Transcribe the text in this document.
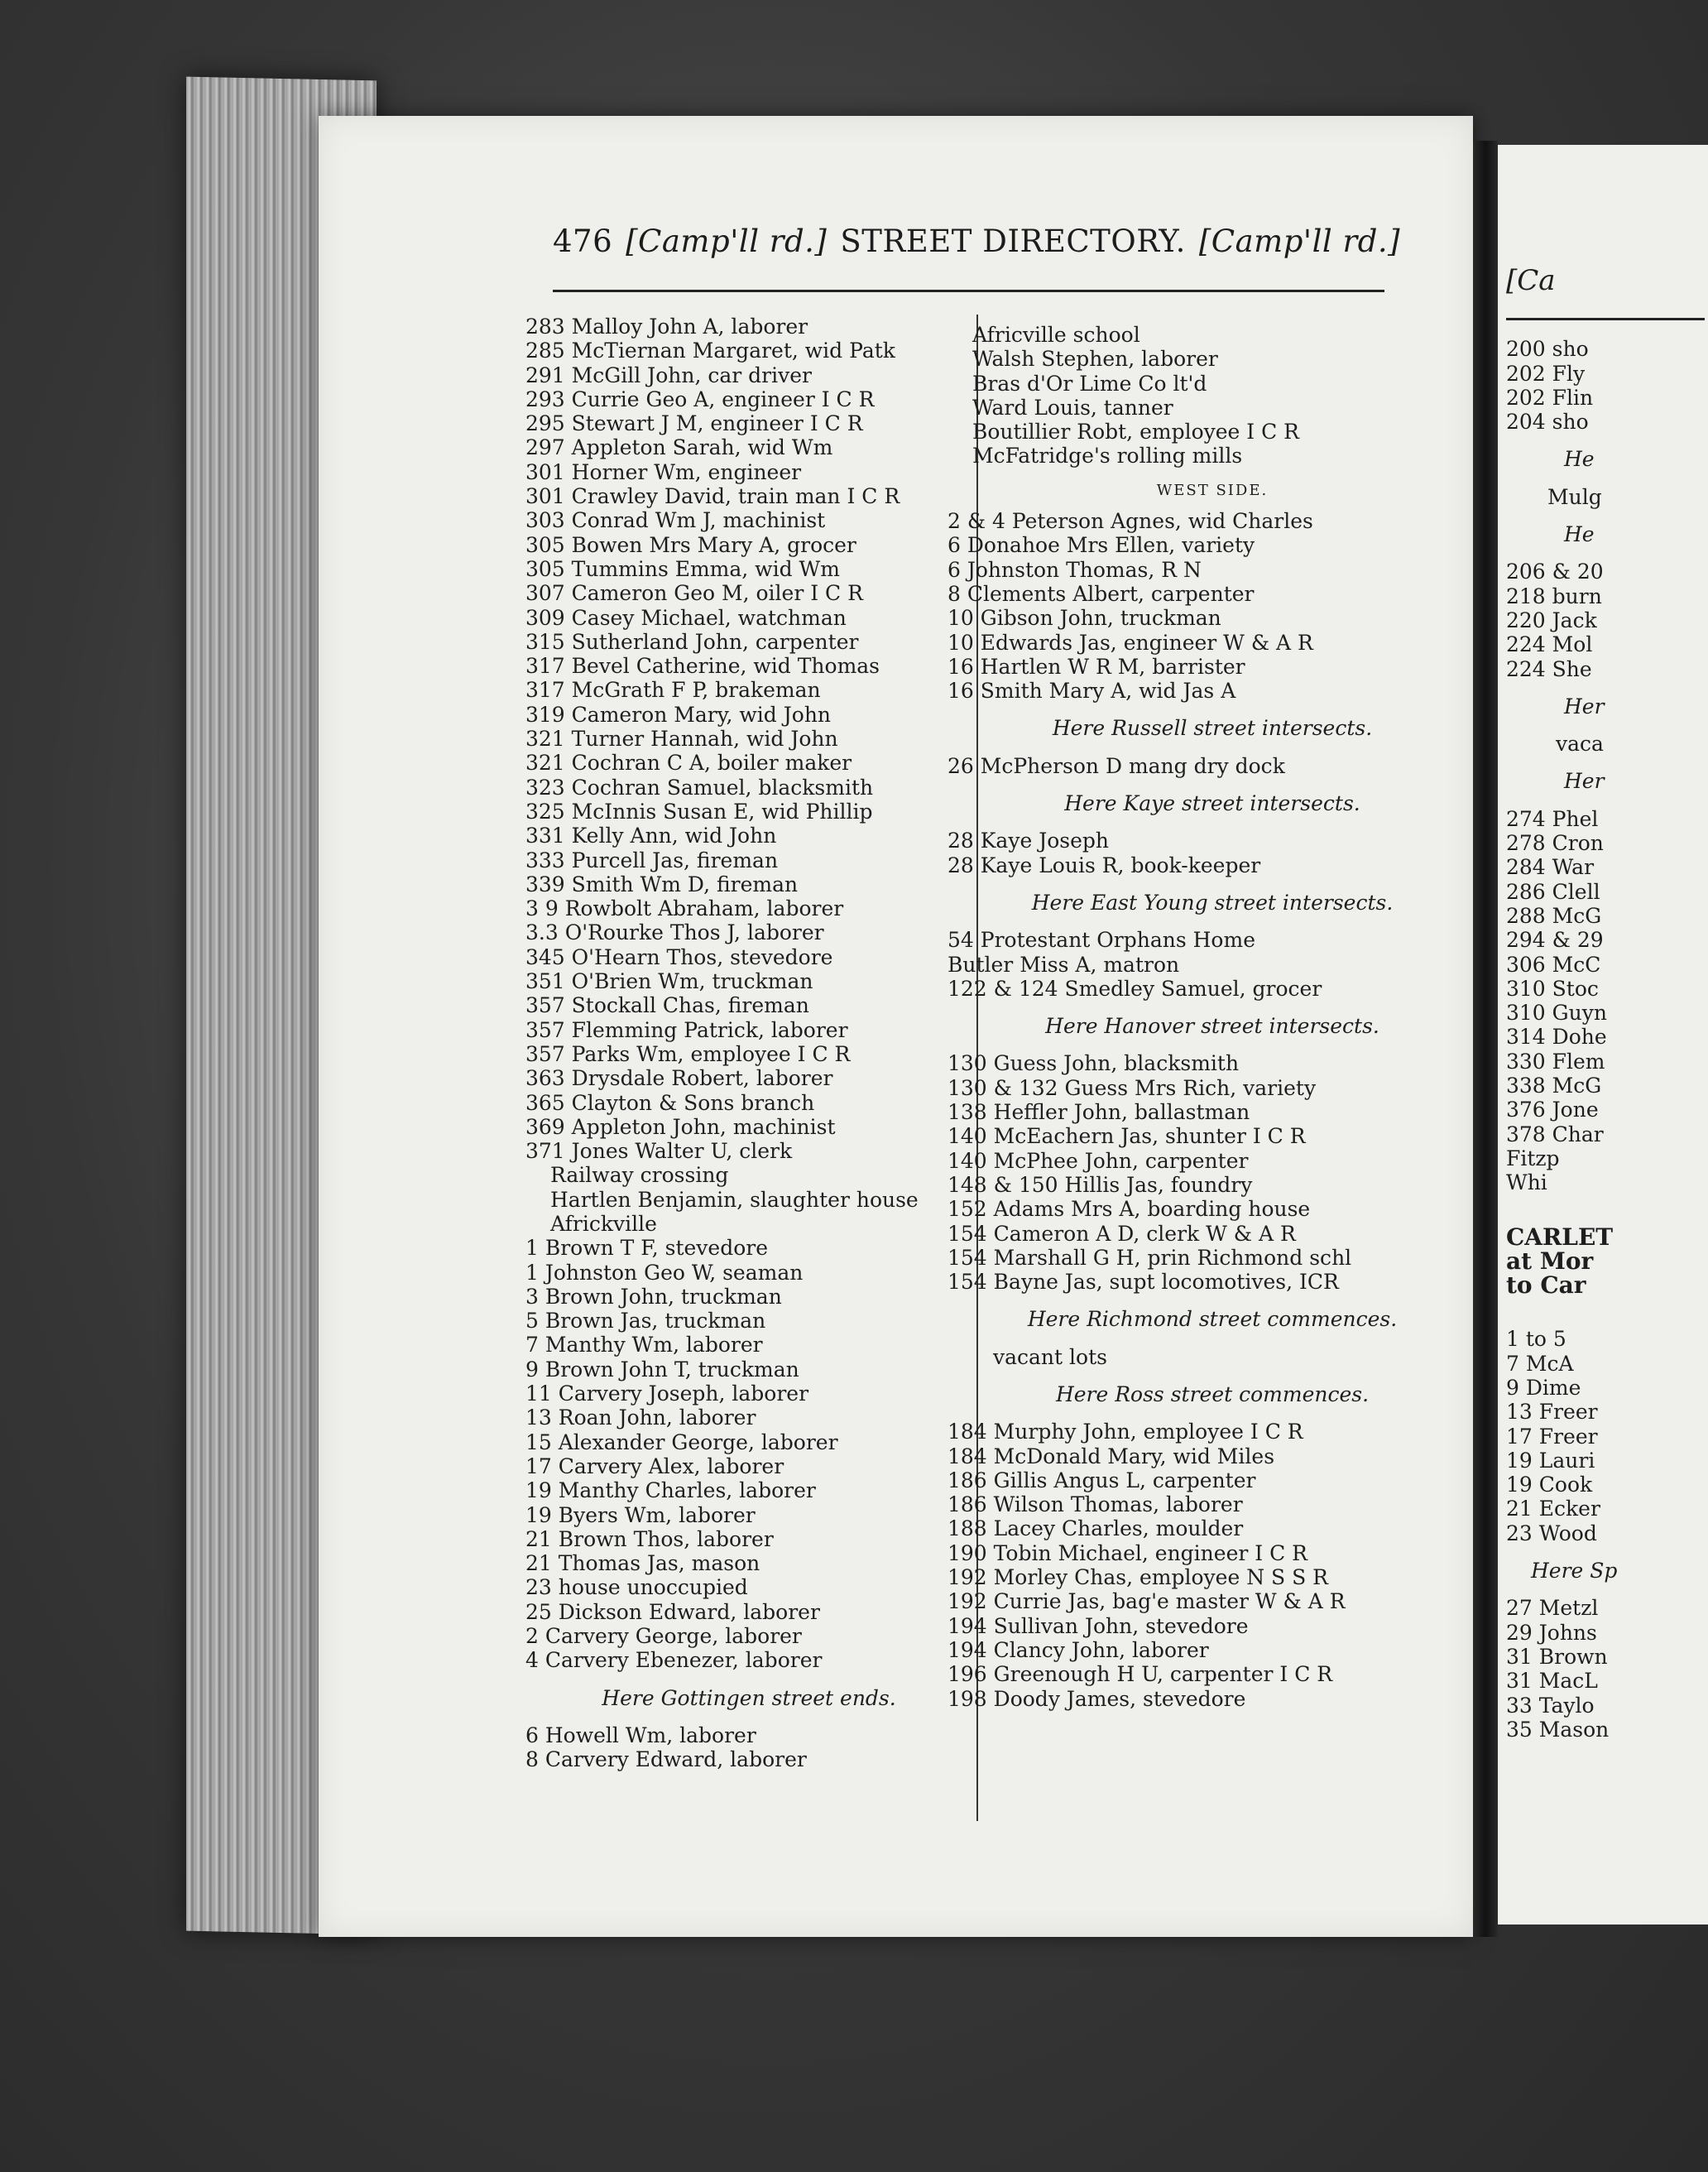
476 [Camp'll rd.] STREET DIRECTORY. [Camp'll rd.]
283 Malloy John A, laborer
285 McTiernan Margaret, wid Patk
291 McGill John, car driver
293 Currie Geo A, engineer I C R
295 Stewart J M, engineer I C R
297 Appleton Sarah, wid Wm
301 Horner Wm, engineer
301 Crawley David, train man I C R
303 Conrad Wm J, machinist
305 Bowen Mrs Mary A, grocer
305 Tummins Emma, wid Wm
307 Cameron Geo M, oiler I C R
309 Casey Michael, watchman
315 Sutherland John, carpenter
317 Bevel Catherine, wid Thomas
317 McGrath F P, brakeman
319 Cameron Mary, wid John
321 Turner Hannah, wid John
321 Cochran C A, boiler maker
323 Cochran Samuel, blacksmith
325 McInnis Susan E, wid Phillip
331 Kelly Ann, wid John
333 Purcell Jas, fireman
339 Smith Wm D, fireman
3 9 Rowbolt Abraham, laborer
3.3 O'Rourke Thos J, laborer
345 O'Hearn Thos, stevedore
351 O'Brien Wm, truckman
357 Stockall Chas, fireman
357 Flemming Patrick, laborer
357 Parks Wm, employee I C R
363 Drysdale Robert, laborer
365 Clayton & Sons branch
369 Appleton John, machinist
371 Jones Walter U, clerk
Railway crossing
Hartlen Benjamin, slaughter house
Africkville
1 Brown T F, stevedore
1 Johnston Geo W, seaman
3 Brown John, truckman
5 Brown Jas, truckman
7 Manthy Wm, laborer
9 Brown John T, truckman
11 Carvery Joseph, laborer
13 Roan John, laborer
15 Alexander George, laborer
17 Carvery Alex, laborer
19 Manthy Charles, laborer
19 Byers Wm, laborer
21 Brown Thos, laborer
21 Thomas Jas, mason
23 house unoccupied
25 Dickson Edward, laborer
2 Carvery George, laborer
4 Carvery Ebenezer, laborer
Here Gottingen street ends.
6 Howell Wm, laborer
8 Carvery Edward, laborer
Africville school
Walsh Stephen, laborer
Bras d'Or Lime Co lt'd
Ward Louis, tanner
Boutillier Robt, employee I C R
McFatridge's rolling mills
WEST SIDE.
2 & 4 Peterson Agnes, wid Charles
6 Donahoe Mrs Ellen, variety
6 Johnston Thomas, R N
8 Clements Albert, carpenter
10 Gibson John, truckman
10 Edwards Jas, engineer W & A R
16 Hartlen W R M, barrister
16 Smith Mary A, wid Jas A
Here Russell street intersects.
26 McPherson D mang dry dock
Here Kaye street intersects.
28 Kaye Joseph
28 Kaye Louis R, book-keeper
Here East Young street intersects.
54 Protestant Orphans Home
Butler Miss A, matron
122 & 124 Smedley Samuel, grocer
Here Hanover street intersects.
130 Guess John, blacksmith
130 & 132 Guess Mrs Rich, variety
138 Heffler John, ballastman
140 McEachern Jas, shunter I C R
140 McPhee John, carpenter
148 & 150 Hillis Jas, foundry
152 Adams Mrs A, boarding house
154 Cameron A D, clerk W & A R
154 Marshall G H, prin Richmond schl
154 Bayne Jas, supt locomotives, ICR
Here Richmond street commences.
vacant lots
Here Ross street commences.
184 Murphy John, employee I C R
184 McDonald Mary, wid Miles
186 Gillis Angus L, carpenter
186 Wilson Thomas, laborer
188 Lacey Charles, moulder
190 Tobin Michael, engineer I C R
192 Morley Chas, employee N S S R
192 Currie Jas, bag'e master W & A R
194 Sullivan John, stevedore
194 Clancy John, laborer
196 Greenough H U, carpenter I C R
198 Doody James, stevedore
[Ca
200 sho
202 Fly
202 Flin
204 sho
He
Mulg
He
206 & 20
218 burn
220 Jack
224 Mol
224 She
Her
vaca
Her
274 Phel
278 Cron
284 War
286 Clell
288 McG
294 & 29
306 McC
310 Stoc
310 Guyn
314 Dohe
330 Flem
338 McG
376 Jone
378 Char
Fitzp
Whi
CARLET
at Mor
to Car
1 to 5
7 McA
9 Dime
13 Freer
17 Freer
19 Lauri
19 Cook
21 Ecker
23 Wood
Here Sp
27 Metzl
29 Johns
31 Brown
31 MacL
33 Taylo
35 Mason
